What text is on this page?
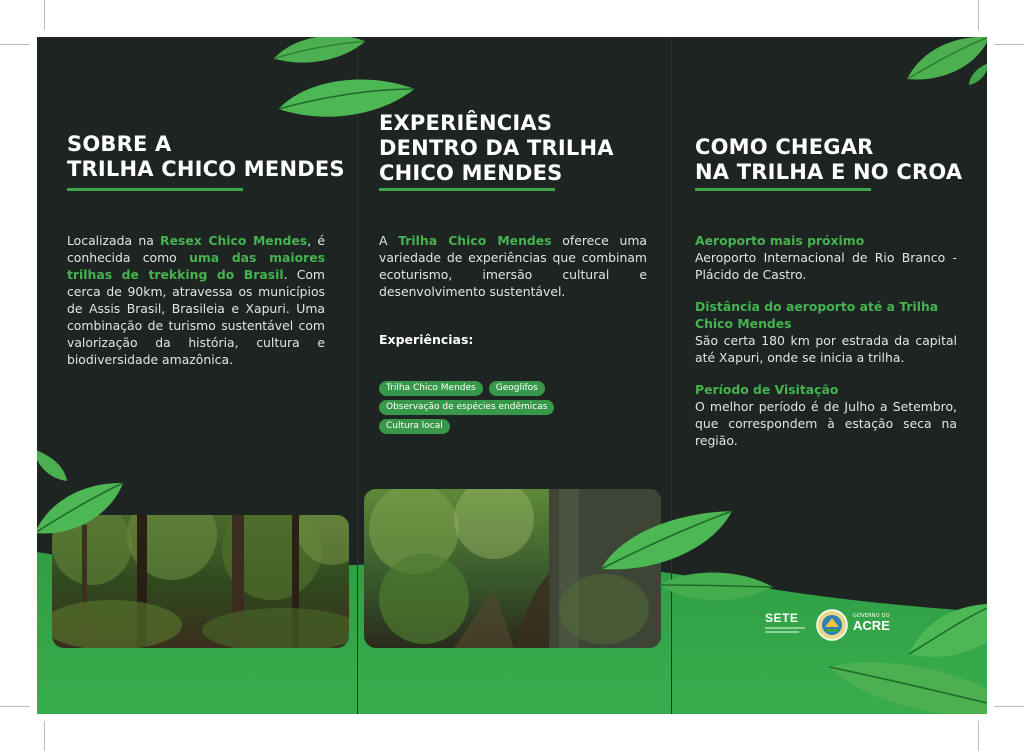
SOBRE A
TRILHA CHICO MENDES

Localizada na Resex Chico Mendes, é conhecida como uma das maiores trilhas de trekking do Brasil. Com cerca de 90km, atravessa os municípios de Assis Brasil, Brasileia e Xapuri. Uma combinação de turismo sustentável com valorização da história, cultura e biodiversidade amazônica.

EXPERIÊNCIAS
DENTRO DA TRILHA
CHICO MENDES

A Trilha Chico Mendes oferece uma variedade de experiências que combinam ecoturismo, imersão cultural e desenvolvimento sustentável.

Experiências:
Trilha Chico Mendes	Geoglifos
Observação de espécies endêmicas
Cultura local
COMO CHEGAR
NA TRILHA E NO CROA
Aeroporto mais próximo
Aeroporto Internacional de Rio Branco - Plácido de Castro.
Distância do aeroporto até a Trilha Chico Mendes
São certa 180 km por estrada da capital até Xapuri, onde se inicia a trilha.
Período de Visitação
O melhor período é de Julho a Setembro, que correspondem à estação seca na região.
SETE	GOVERNO DO
ACRE
